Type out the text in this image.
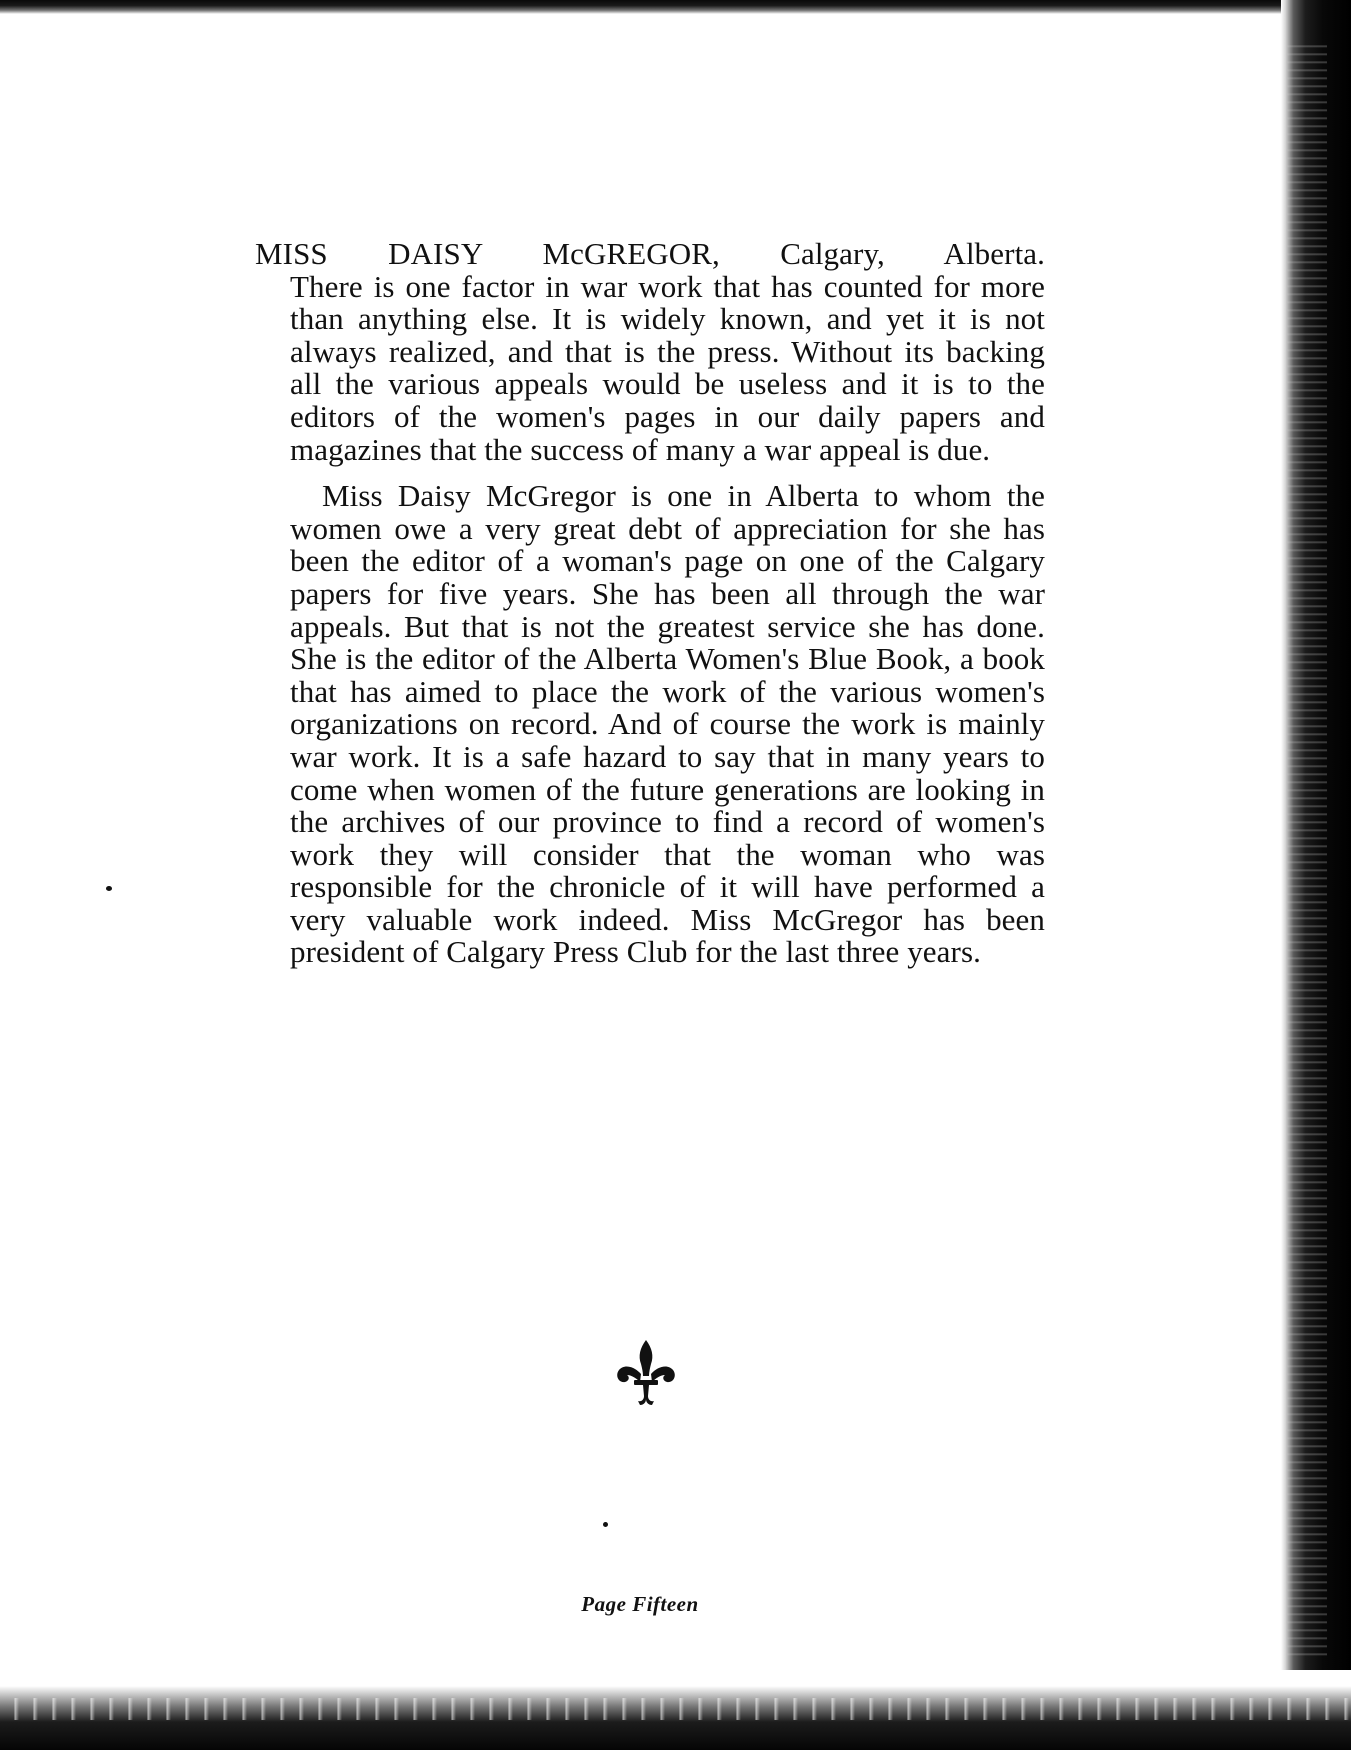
MISS DAISY McGREGOR, Calgary, Alberta.

There is one factor in war work that has counted for more than anything else. It is widely known, and yet it is not always realized, and that is the press. Without its backing all the various appeals would be useless and it is to the editors of the women's pages in our daily papers and magazines that the success of many a war appeal is due.

Miss Daisy McGregor is one in Alberta to whom the women owe a very great debt of appreciation for she has been the editor of a woman's page on one of the Calgary papers for five years. She has been all through the war appeals. But that is not the greatest service she has done. She is the editor of the Alberta Women's Blue Book, a book that has aimed to place the work of the various women's organizations on record. And of course the work is mainly war work. It is a safe hazard to say that in many years to come when women of the future generations are looking in the archives of our province to find a record of women's work they will consider that the woman who was responsible for the chronicle of it will have performed a very valuable work indeed. Miss McGregor has been president of Calgary Press Club for the last three years.

Page Fifteen
